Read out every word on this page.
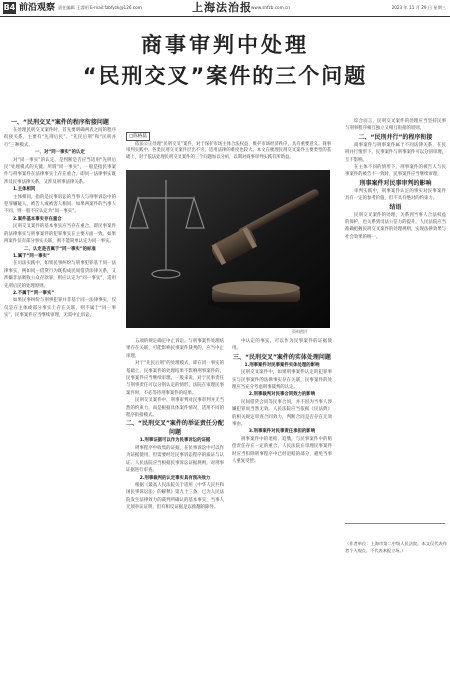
B4 前沿观察 责任编辑 王睿明 E-mail:fzbfyzk@126.com	上海法治报 www.shfzb.com.cn	2023 年 11 月 29 日 星期三
商事审判中处理
“民刑交叉”案件的三个问题
□陈格磊
依法公正处理“民刑交叉”案件，对于保护市场主体合法权益、维护市场经济秩序，具有重要意义。商事审判实践中，各类民刑交叉案件层出不穷，适用法律的难度也较大。本文在梳理民刑交叉案件主要类型的基础上，对于依法处理民刑交叉案件的三个问题加以分析，以期对商事审判实践有所助益。
资料图片

一、“民刑交叉”案件的程序衔接问题

在处理民刑交叉案件时，首先要明确两者之间的程序衔接关系，主要有“先刑后民”、“先民后刑”和“民刑并行”三种模式。

一、对“同一事实”的认定

对“同一事实”的认定，是判断是否应当适用“先刑后民”处理模式的关键。所谓“同一事实”，一般是指民事案件与刑事案件在法律事实上存在重合，即同一法律事实既涉及民事法律关系，又涉及刑事法律关系。

1.主体相同

主体相同，指的是民事诉讼的当事人与刑事诉讼中的犯罪嫌疑人、被告人或被害人相同。如果两案件的当事人不同，则一般不应认定为“同一事实”。

2.案件基本事实存在重合

民刑交叉案件的基本事实应当存在重合，即民事案件的法律事实与刑事案件的犯罪事实在主要方面一致。如果两案件仅有部分事实关联，则不能简单认定为同一事实。

二、认定是否属于“同一事实”的标准

1.属于“同一事实”

在司法实践中，如果民事纠纷与刑事犯罪基于同一法律事实，例如同一借贷行为既构成民间借贷法律关系，又涉嫌非法吸收公众存款罪，则应认定为“同一事实”，适用先刑后民的处理原则。

2.不属于“同一事实”

如果民事纠纷与刑事犯罪并非基于同一法律事实，仅仅是在主体或部分事实上存在关联，则不属于“同一事实”，民事案件应当继续审理，无需中止诉讼。

五项的规定确定中止诉讼。与刑事案件处理结果存在关联，可能影响民事案件裁判的，应当中止审理。

对于“先民后刑”的处理模式，即在同一事实的基础上，民事案件的处理结果不影响刑事案件的，民事案件应当继续审理。一般来说，对于民事责任与刑事责任可以分别认定的情形，法院在审理民事案件时，不必等待刑事案件的结果。

民刑交叉案件中，刑事审判对民事审判并无当然的约束力，而是根据具体案件情况，适用不同的程序衔接模式。

二、“民刑交叉”案件的举证责任分配问题

1.刑事证据可以作为民事诉讼的证据

刑事程序中收集的证据，在民事诉讼中可以作为证据使用，但需要经过民事诉讼程序的质证与认证。人民法院应当根据民事诉讼证据规则，对刑事证据进行审查。

2.刑事裁判的认定事实具有预决效力

根据《最高人民法院关于适用〈中华人民共和国民事诉讼法〉的解释》第九十三条，已为人民法院发生法律效力的裁判所确认的基本事实，当事人无须举证证明，但有相反证据足以推翻的除外。

中认定的事实，可以作为民事案件的证据使用。

三、“民刑交叉”案件的实体处理问题

1.刑事案件对民事案件实体处理的影响

民刑交叉案件中，如果刑事案件认定的犯罪事实与民事案件的法律事实存在关联，民事案件的处理应当充分考虑刑事裁判的认定。

2.刑事裁判对民事合同效力的影响

民间借贷合同等民事合同，并不因为当事人涉嫌犯罪而当然无效。人民法院应当依据《民法典》的相关规定审查合同效力，判断合同是否存在无效事由。

3.刑事案件对民事责任承担的影响

刑事案件中的退赔、追缴，与民事案件中的赔偿责任存在一定的重合，人民法院在审理民事案件时应当扣除刑事程序中已经退赔的部分，避免当事人重复受偿。

综合而言，民刑交叉案件的处理应当坚持民事与刑事程序相互独立又相互衔接的原则。

二、“民刑并行”的程序衔接

商事案件与刑事案件属于不同法律关系，在民刑并行情形下，民事案件与刑事案件可以分别审理，互不影响。

在主体不同的情形下，刑事案件的被告人与民事案件的被告不一致时，民事案件应当继续审理。

刑事案件对民事审判的影响

审判实践中，刑事案件认定的事实对民事案件具有一定的参考价值，但不具有绝对的约束力。

结语

民刑交叉案件的处理，关系到当事人合法权益的保护，也关系到司法公信力的提升。人民法院应当准确把握民刑交叉案件的处理规则，实现法律效果与社会效果的统一。

（作者单位：上海市第二中级人民法院。本文仅代表作者个人观点，不代表本报立场。）
